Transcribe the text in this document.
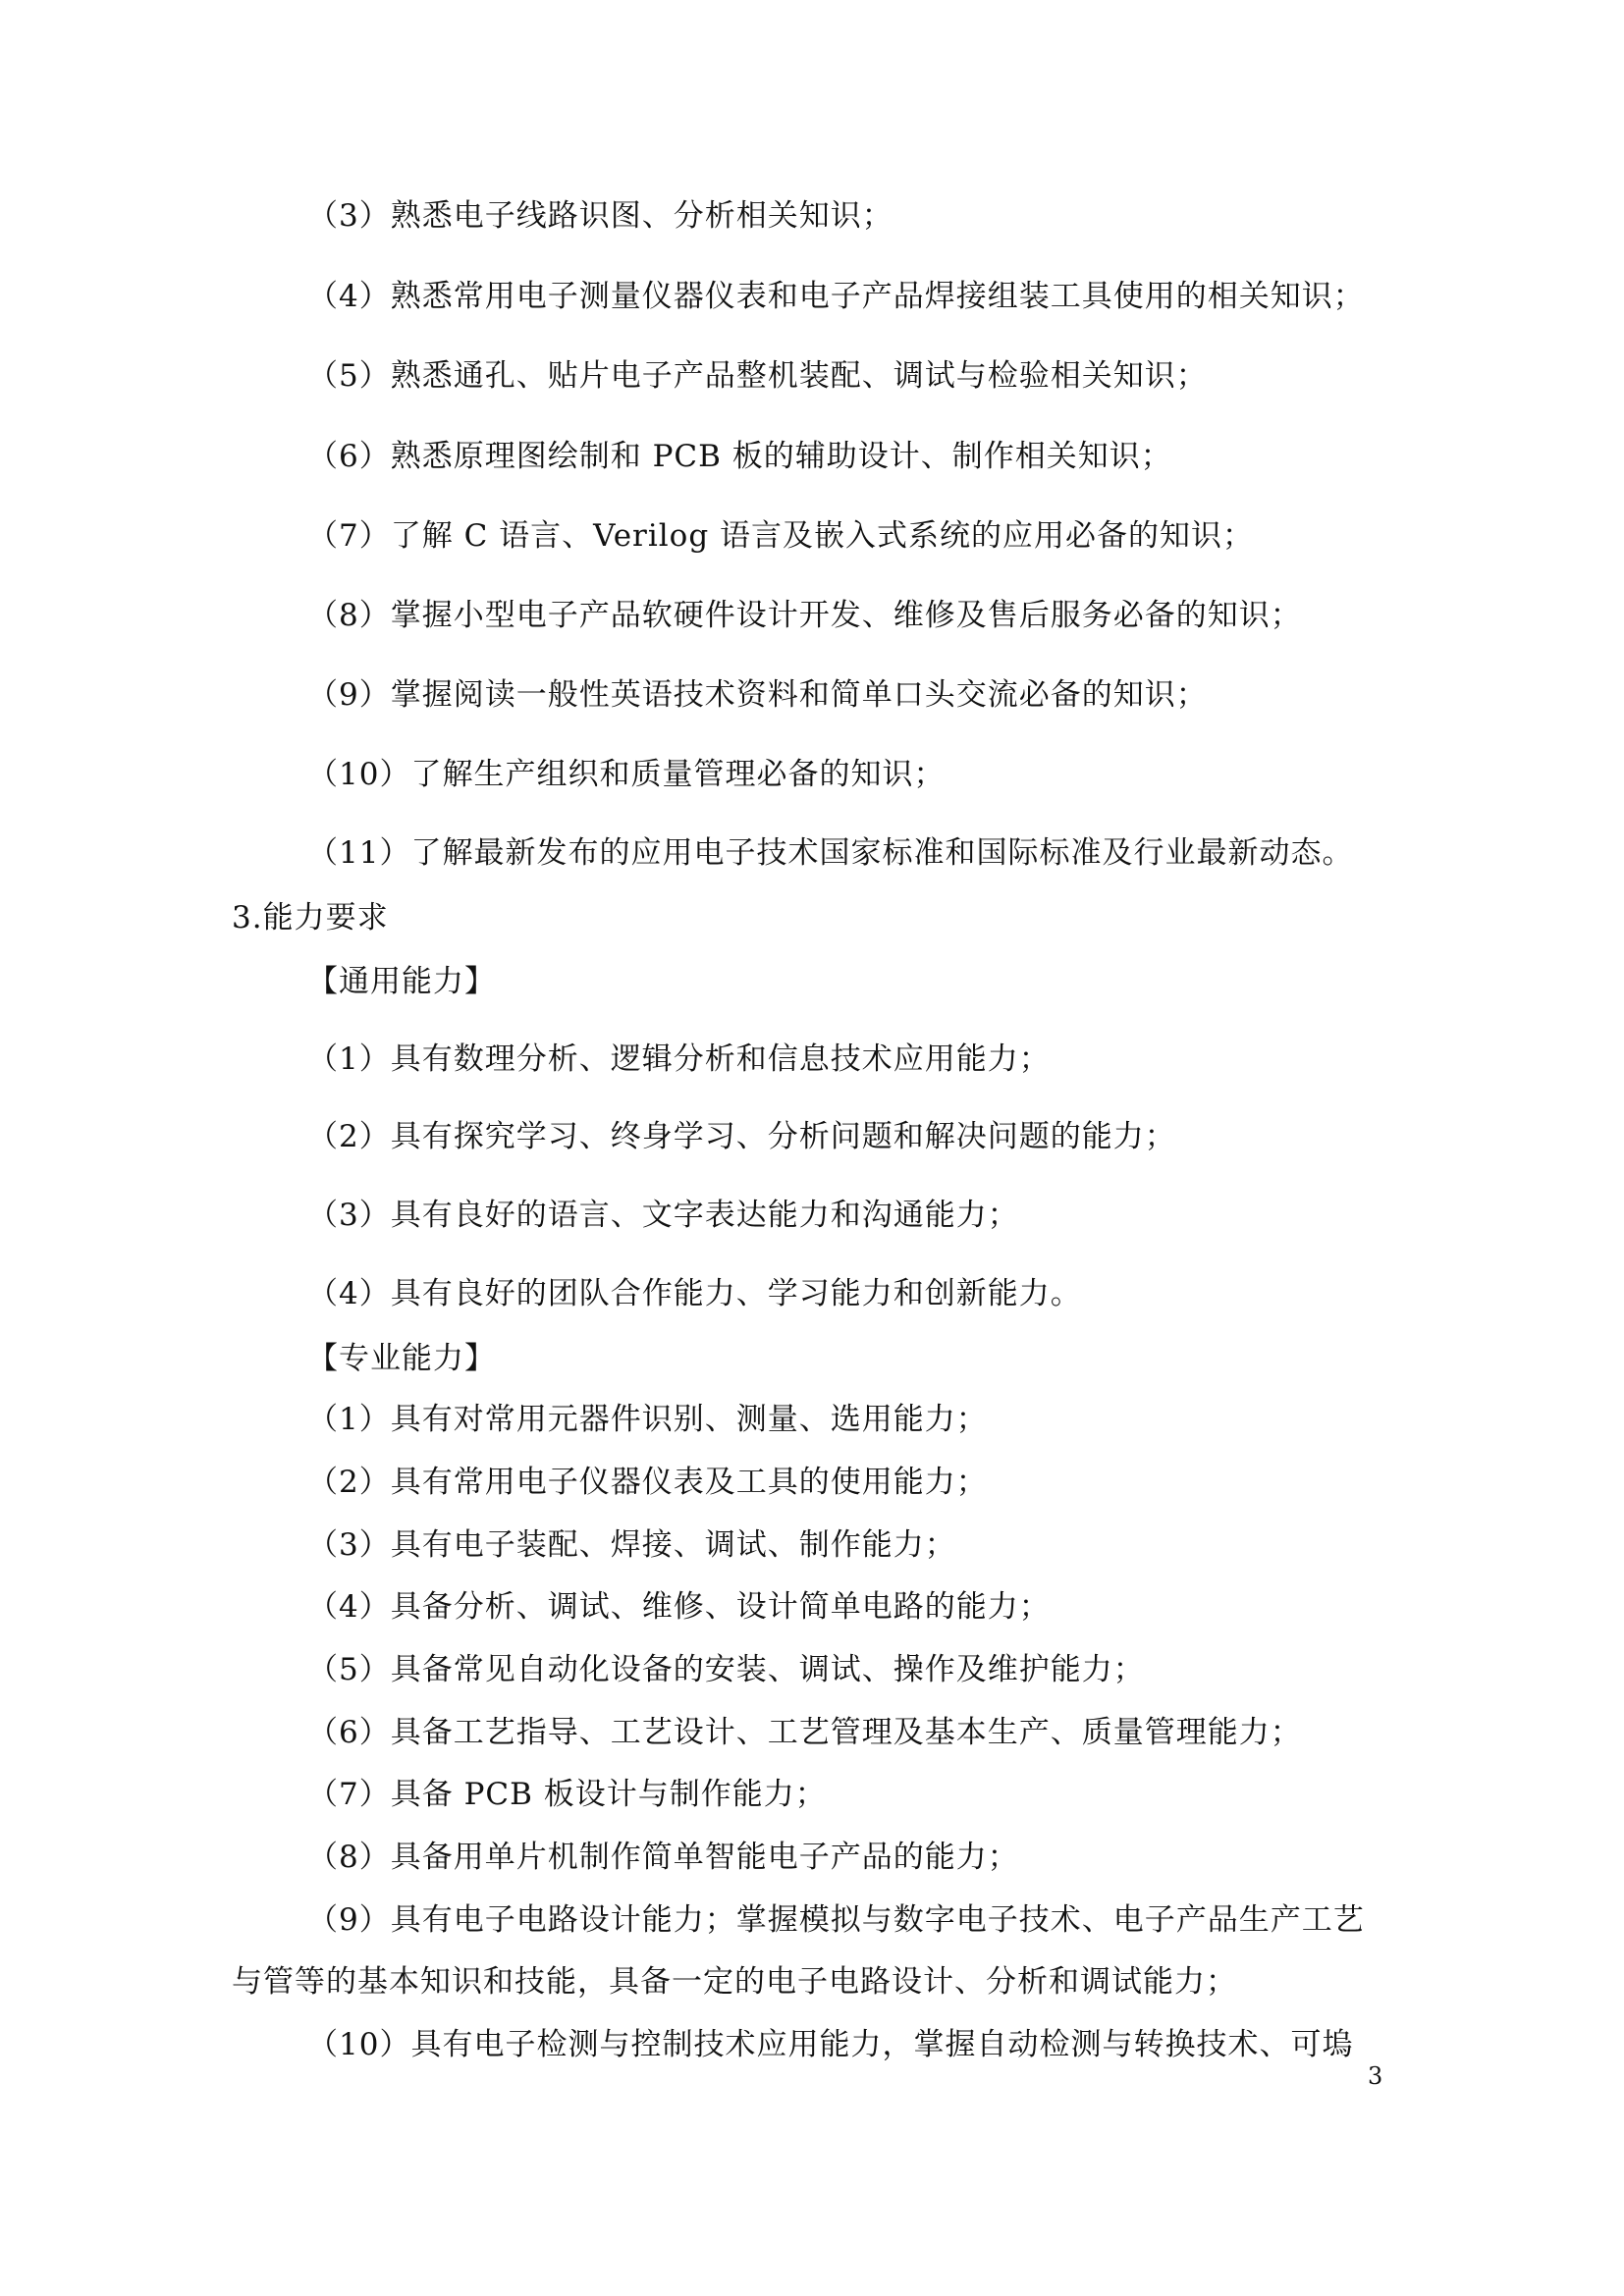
（3）熟悉电子线路识图、分析相关知识；
（4）熟悉常用电子测量仪器仪表和电子产品焊接组装工具使用的相关知识；
（5）熟悉通孔、贴片电子产品整机装配、调试与检验相关知识；
（6）熟悉原理图绘制和 PCB 板的辅助设计、制作相关知识；
（7）了解 C 语言、Verilog 语言及嵌入式系统的应用必备的知识；
（8）掌握小型电子产品软硬件设计开发、维修及售后服务必备的知识；
（9）掌握阅读一般性英语技术资料和简单口头交流必备的知识；
（10）了解生产组织和质量管理必备的知识；
（11）了解最新发布的应用电子技术国家标准和国际标准及行业最新动态。
3.能力要求
【通用能力】
（1）具有数理分析、逻辑分析和信息技术应用能力；
（2）具有探究学习、终身学习、分析问题和解决问题的能力；
（3）具有良好的语言、文字表达能力和沟通能力；
（4）具有良好的团队合作能力、学习能力和创新能力。
【专业能力】
（1）具有对常用元器件识别、测量、选用能力；
（2）具有常用电子仪器仪表及工具的使用能力；
（3）具有电子装配、焊接、调试、制作能力；
（4）具备分析、调试、维修、设计简单电路的能力；
（5）具备常见自动化设备的安装、调试、操作及维护能力；
（6）具备工艺指导、工艺设计、工艺管理及基本生产、质量管理能力；
（7）具备 PCB 板设计与制作能力；
（8）具备用单片机制作简单智能电子产品的能力；
（9）具有电子电路设计能力；掌握模拟与数字电子技术、电子产品生产工艺
与管等的基本知识和技能，具备一定的电子电路设计、分析和调试能力；
（10）具有电子检测与控制技术应用能力，掌握自动检测与转换技术、可塢
3
